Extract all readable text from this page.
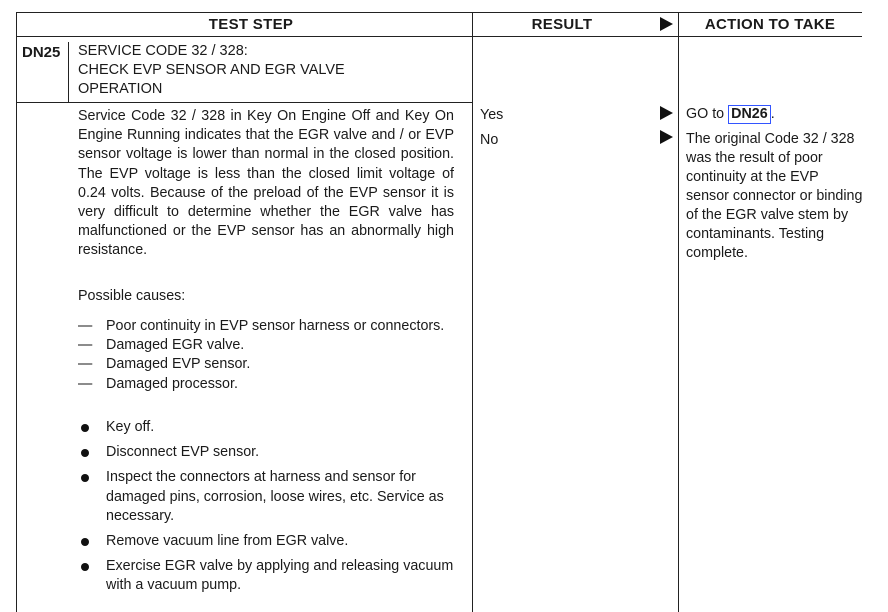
TEST STEP	RESULT	ACTION TO TAKE
DN25 SERVICE CODE 32 / 328:
CHECK EVP SENSOR AND EGR VALVE
OPERATION
Service Code 32 / 328 in Key On Engine Off and Key On Engine Running indicates that the EGR valve and / or EVP sensor voltage is lower than normal in the closed position. The EVP voltage is less than the closed limit voltage of 0.24 volts. Because of the preload of the EVP sensor it is very difficult to determine whether the EGR valve has malfunctioned or the EVP sensor has an abnormally high resistance.
Possible causes:
— Poor continuity in EVP sensor harness or connectors.
— Damaged EGR valve.
— Damaged EVP sensor.
— Damaged processor.
Key off.
Disconnect EVP sensor.
Inspect the connectors at harness and sensor for damaged pins, corrosion, loose wires, etc. Service as necessary.
Remove vacuum line from EGR valve.
Exercise EGR valve by applying and releasing vacuum with a vacuum pump.
Yes
No
GO to DN26 .
The original Code 32 / 328 was the result of poor continuity at the EVP sensor connector or binding of the EGR valve stem by contaminants. Testing complete.
